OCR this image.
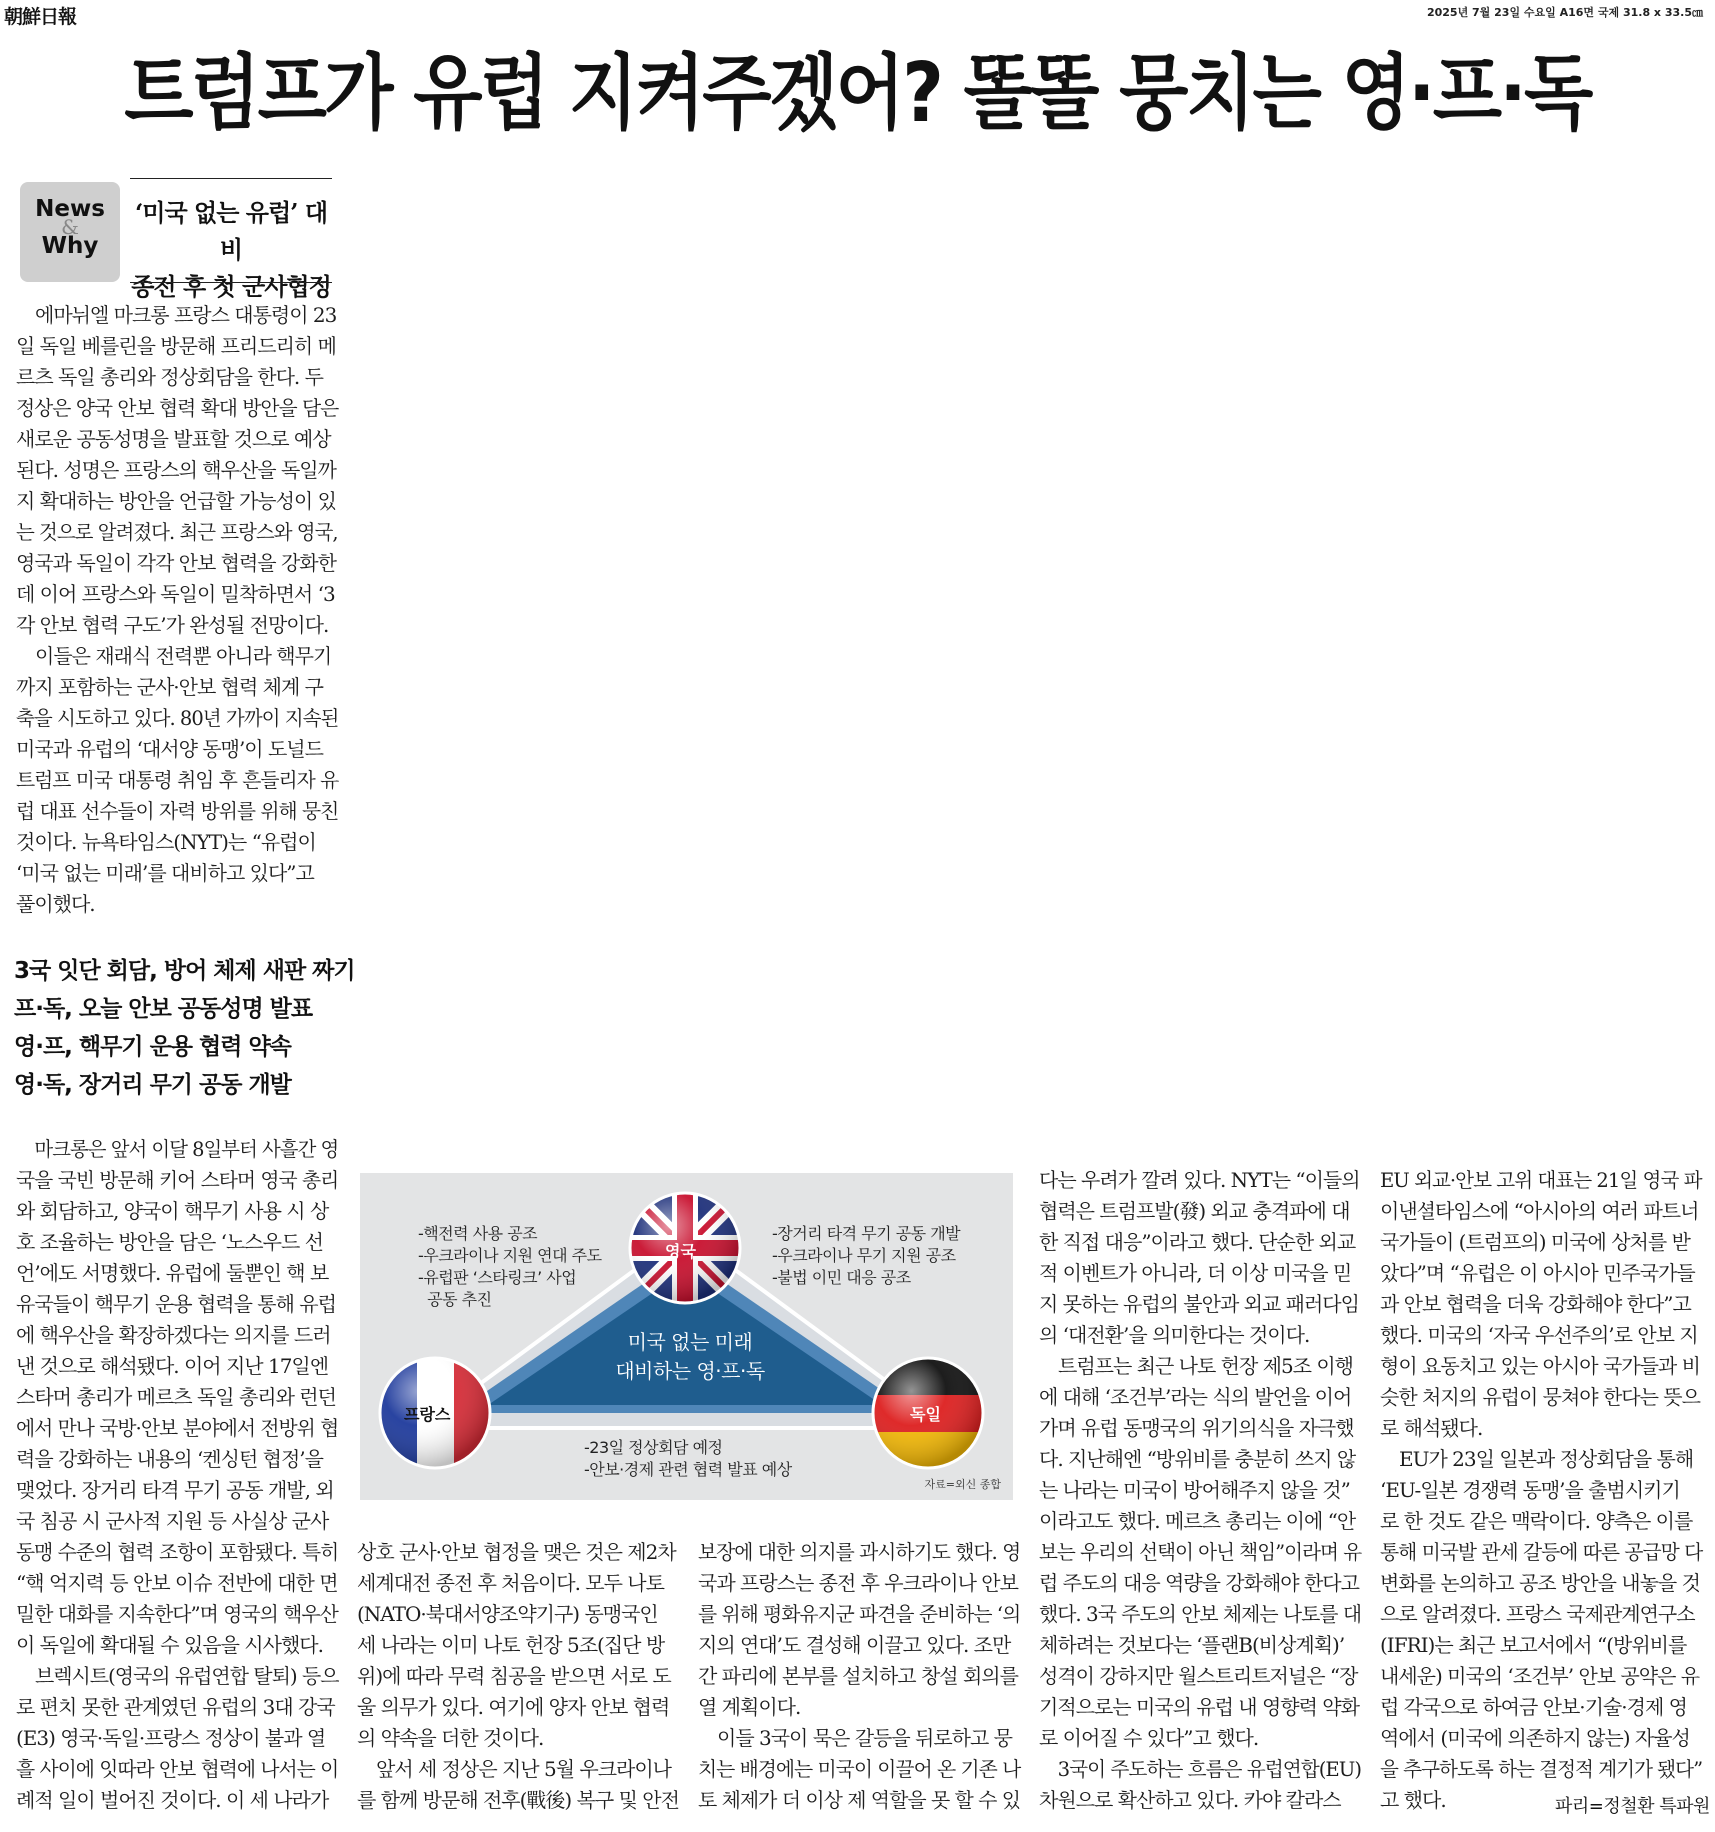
朝鮮日報	2025년 7월 23일 수요일 A16면 국제 31.8 x 33.5㎝
트럼프가 유럽 지켜주겠어? 똘똘 뭉치는 영·프·독
News
&
Why

‘미국 없는 유럽’ 대비

종전 후 첫 군사협정

　에마뉘엘 마크롱 프랑스 대통령이 23

일 독일 베를린을 방문해 프리드리히 메

르츠 독일 총리와 정상회담을 한다. 두

정상은 양국 안보 협력 확대 방안을 담은

새로운 공동성명을 발표할 것으로 예상

된다. 성명은 프랑스의 핵우산을 독일까

지 확대하는 방안을 언급할 가능성이 있

는 것으로 알려졌다. 최근 프랑스와 영국,

영국과 독일이 각각 안보 협력을 강화한

데 이어 프랑스와 독일이 밀착하면서 ‘3

각 안보 협력 구도’가 완성될 전망이다.

　이들은 재래식 전력뿐 아니라 핵무기

까지 포함하는 군사·안보 협력 체계 구

축을 시도하고 있다. 80년 가까이 지속된

미국과 유럽의 ‘대서양 동맹’이 도널드

트럼프 미국 대통령 취임 후 흔들리자 유

럽 대표 선수들이 자력 방위를 위해 뭉친

것이다. 뉴욕타임스(NYT)는 “유럽이

‘미국 없는 미래’를 대비하고 있다”고

풀이했다.

3국 잇단 회담, 방어 체제 새판 짜기

프·독, 오늘 안보 공동성명 발표

영·프, 핵무기 운용 협력 약속

영·독, 장거리 무기 공동 개발

　마크롱은 앞서 이달 8일부터 사흘간 영

국을 국빈 방문해 키어 스타머 영국 총리

와 회담하고, 양국이 핵무기 사용 시 상

호 조율하는 방안을 담은 ‘노스우드 선

언’에도 서명했다. 유럽에 둘뿐인 핵 보

유국들이 핵무기 운용 협력을 통해 유럽

에 핵우산을 확장하겠다는 의지를 드러

낸 것으로 해석됐다. 이어 지난 17일엔

스타머 총리가 메르츠 독일 총리와 런던

에서 만나 국방·안보 분야에서 전방위 협

력을 강화하는 내용의 ‘켄싱턴 협정’을

맺었다. 장거리 타격 무기 공동 개발, 외

국 침공 시 군사적 지원 등 사실상 군사

동맹 수준의 협력 조항이 포함됐다. 특히

“핵 억지력 등 안보 이슈 전반에 대한 면

밀한 대화를 지속한다”며 영국의 핵우산

이 독일에 확대될 수 있음을 시사했다.

　브렉시트(영국의 유럽연합 탈퇴) 등으

로 편치 못한 관계였던 유럽의 3대 강국

(E3) 영국·독일·프랑스 정상이 불과 열

흘 사이에 잇따라 안보 협력에 나서는 이

례적 일이 벌어진 것이다. 이 세 나라가

영국
프랑스	독일

미국 없는 미래

대비하는 영·프·독

-핵전력 사용 공조

-우크라이나 지원 연대 주도

-유럽판 ‘스타링크’ 사업

공동 추진

-장거리 타격 무기 공동 개발

-우크라이나 무기 지원 공조

-불법 이민 대응 공조

-23일 정상회담 예정

-안보·경제 관련 협력 발표 예상

자료=외신 종합

상호 군사·안보 협정을 맺은 것은 제2차

세계대전 종전 후 처음이다. 모두 나토

(NATO·북대서양조약기구) 동맹국인

세 나라는 이미 나토 헌장 5조(집단 방

위)에 따라 무력 침공을 받으면 서로 도

울 의무가 있다. 여기에 양자 안보 협력

의 약속을 더한 것이다.

　앞서 세 정상은 지난 5월 우크라이나

를 함께 방문해 전후(戰後) 복구 및 안전

보장에 대한 의지를 과시하기도 했다. 영

국과 프랑스는 종전 후 우크라이나 안보

를 위해 평화유지군 파견을 준비하는 ‘의

지의 연대’도 결성해 이끌고 있다. 조만

간 파리에 본부를 설치하고 창설 회의를

열 계획이다.

　이들 3국이 묵은 갈등을 뒤로하고 뭉

치는 배경에는 미국이 이끌어 온 기존 나

토 체제가 더 이상 제 역할을 못 할 수 있

다는 우려가 깔려 있다. NYT는 “이들의

협력은 트럼프발(發) 외교 충격파에 대

한 직접 대응”이라고 했다. 단순한 외교

적 이벤트가 아니라, 더 이상 미국을 믿

지 못하는 유럽의 불안과 외교 패러다임

의 ‘대전환’을 의미한다는 것이다.

　트럼프는 최근 나토 헌장 제5조 이행

에 대해 ‘조건부’라는 식의 발언을 이어

가며 유럽 동맹국의 위기의식을 자극했

다. 지난해엔 “방위비를 충분히 쓰지 않

는 나라는 미국이 방어해주지 않을 것”

이라고도 했다. 메르츠 총리는 이에 “안

보는 우리의 선택이 아닌 책임”이라며 유

럽 주도의 대응 역량을 강화해야 한다고

했다. 3국 주도의 안보 체제는 나토를 대

체하려는 것보다는 ‘플랜B(비상계획)’

성격이 강하지만 월스트리트저널은 “장

기적으로는 미국의 유럽 내 영향력 약화

로 이어질 수 있다”고 했다.

　3국이 주도하는 흐름은 유럽연합(EU)

차원으로 확산하고 있다. 카야 칼라스

EU 외교·안보 고위 대표는 21일 영국 파

이낸셜타임스에 “아시아의 여러 파트너

국가들이 (트럼프의) 미국에 상처를 받

았다”며 “유럽은 이 아시아 민주국가들

과 안보 협력을 더욱 강화해야 한다”고

했다. 미국의 ‘자국 우선주의’로 안보 지

형이 요동치고 있는 아시아 국가들과 비

슷한 처지의 유럽이 뭉쳐야 한다는 뜻으

로 해석됐다.

　EU가 23일 일본과 정상회담을 통해

‘EU-일본 경쟁력 동맹’을 출범시키기

로 한 것도 같은 맥락이다. 양측은 이를

통해 미국발 관세 갈등에 따른 공급망 다

변화를 논의하고 공조 방안을 내놓을 것

으로 알려졌다. 프랑스 국제관계연구소

(IFRI)는 최근 보고서에서 “(방위비를

내세운) 미국의 ‘조건부’ 안보 공약은 유

럽 각국으로 하여금 안보·기술·경제 영

역에서 (미국에 의존하지 않는) 자율성

을 추구하도록 하는 결정적 계기가 됐다”

고 했다.	파리=정철환 특파원
